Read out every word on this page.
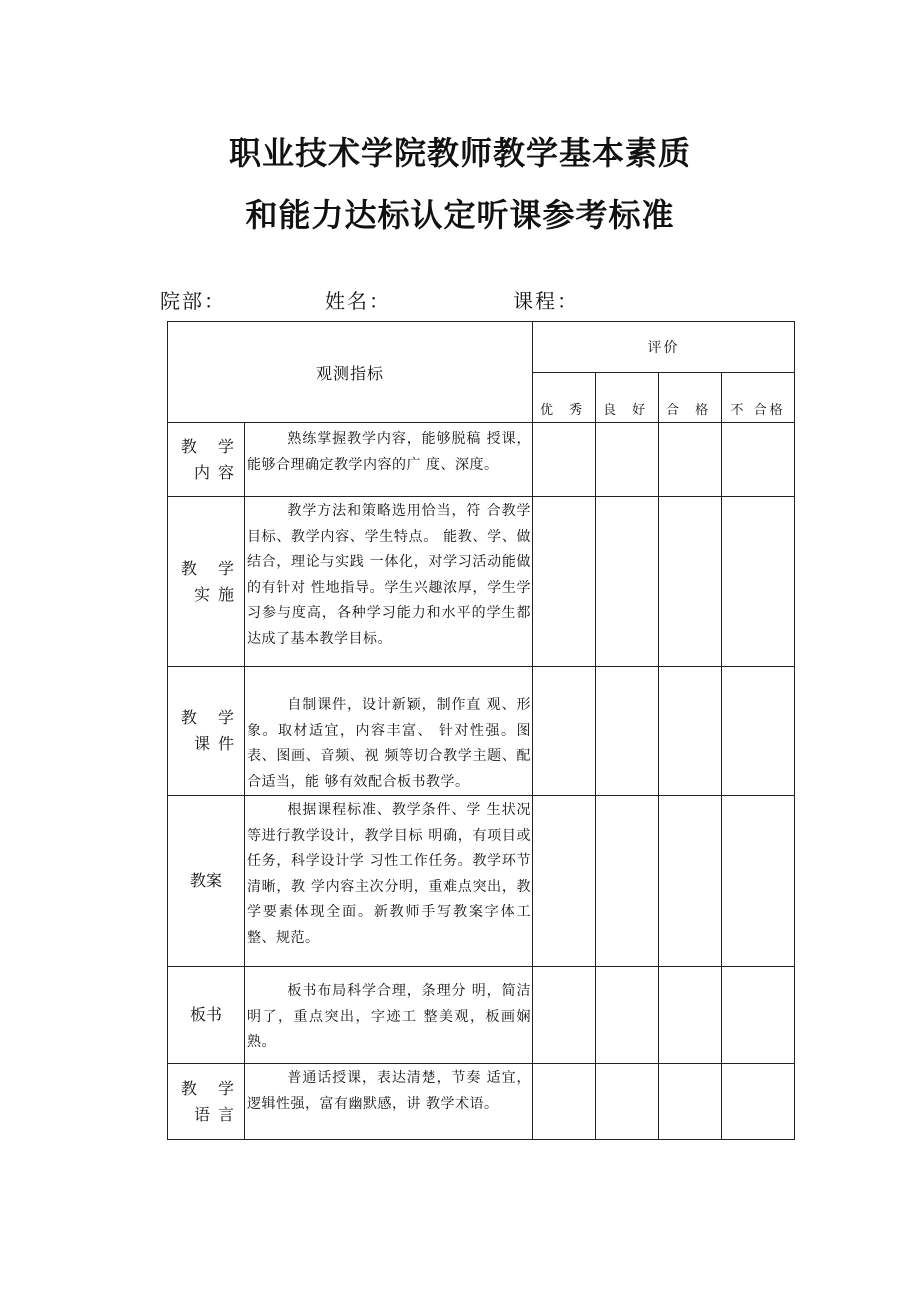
职业技术学院教师教学基本素质
和能力达标认定听课参考标准
院部：	姓名：	课程：
观测指标		评价			
		优 秀	良 好	合 格	不 合格
教 学内容	熟练掌握教学内容，能够脱稿 授课，能够合理确定教学内容的广 度、深度。				
教 学实施	教学方法和策略选用恰当，符 合教学目标、教学内容、学生特点。 能教、学、做结合，理论与实践 一体化，对学习活动能做的有针对 性地指导。学生兴趣浓厚，学生学 习参与度高，各种学习能力和水平的学生都达成了基本教学目标。				
教 学课件	自制课件，设计新颖，制作直 观、形象。取材适宜，内容丰富、 针对性强。图表、图画、音频、视 频等切合教学主题、配合适当，能 够有效配合板书教学。				
教案	根据课程标准、教学条件、学 生状况等进行教学设计，教学目标 明确，有项目或任务，科学设计学 习性工作任务。教学环节清晰，教 学内容主次分明，重难点突出，教 学要素体现全面。新教师手写教案字体工整、规范。				
板书	板书布局科学合理，条理分 明，简洁明了，重点突出，字迹工 整美观，板画娴熟。				
教 学语言	普通话授课，表达清楚，节奏 适宜，逻辑性强，富有幽默感，讲 教学术语。				
